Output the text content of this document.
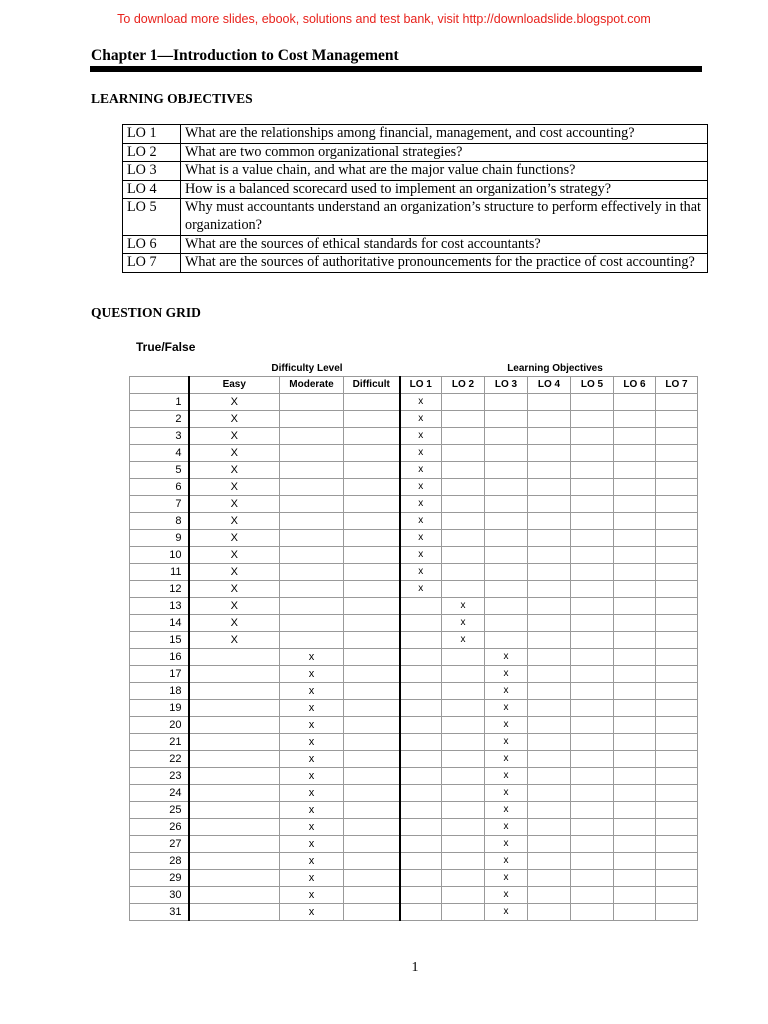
To download more slides, ebook, solutions and test bank, visit http://downloadslide.blogspot.com
Chapter 1—Introduction to Cost Management
LEARNING OBJECTIVES
LO 1	What are the relationships among financial, management, and cost accounting?
LO 2	What are two common organizational strategies?
LO 3	What is a value chain, and what are the major value chain functions?
LO 4	How is a balanced scorecard used to implement an organization’s strategy?
LO 5	Why must accountants understand an organization’s structure to perform effectively in that organization?
LO 6	What are the sources of ethical standards for cost accountants?
LO 7	What are the sources of authoritative pronouncements for the practice of cost accounting?
QUESTION GRID
True/False
Difficulty Level	Learning Objectives
	Easy	Moderate	Difficult	LO 1	LO 2	LO 3	LO 4	LO 5	LO 6	LO 7
1	X			x						
2	X			x						
3	X			x						
4	X			x						
5	X			x						
6	X			x						
7	X			x						
8	X			x						
9	X			x						
10	X			x						
11	X			x						
12	X			x						
13	X				x					
14	X				x					
15	X				x					
16		x				x				
17		x				x				
18		x				x				
19		x				x				
20		x				x				
21		x				x				
22		x				x				
23		x				x				
24		x				x				
25		x				x				
26		x				x				
27		x				x				
28		x				x				
29		x				x				
30		x				x				
31		x				x				
1
